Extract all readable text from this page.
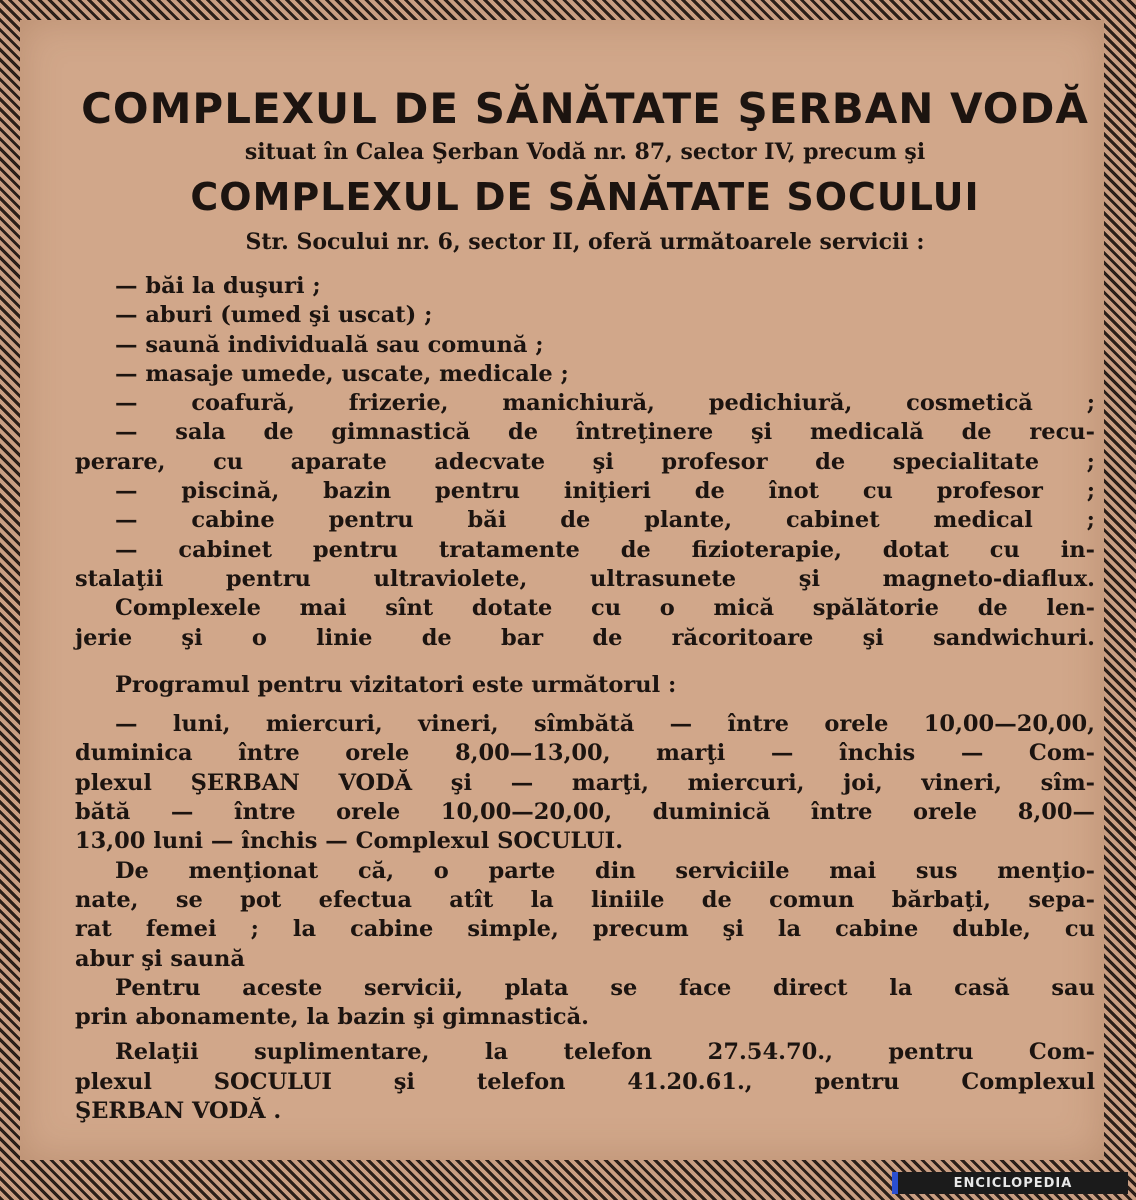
COMPLEXUL DE SĂNĂTATE ŞERBAN VODĂ

situat în Calea Şerban Vodă nr. 87, sector IV, precum şi

COMPLEXUL DE SĂNĂTATE SOCULUI

Str. Socului nr. 6, sector II, oferă următoarele servicii :

— băi la duşuri ;
— aburi (umed şi uscat) ;
— saună individuală sau comună ;
— masaje umede, uscate, medicale ;
— coafură, frizerie, manichiură, pedichiură, cosmetică ;
— sala de gimnastică de întreţinere şi medicală de recu-
perare, cu aparate adecvate şi profesor de specialitate ;
— piscină, bazin pentru iniţieri de înot cu profesor ;
— cabine pentru băi de plante, cabinet medical ;
— cabinet pentru tratamente de fizioterapie, dotat cu in-
stalaţii pentru ultraviolete, ultrasunete şi magneto-diaflux.
Complexele mai sînt dotate cu o mică spălătorie de len-
jerie şi o linie de bar de răcoritoare şi sandwichuri.
Programul pentru vizitatori este următorul :
— luni, miercuri, vineri, sîmbătă — între orele 10,00—20,00,
duminica între orele 8,00—13,00, marţi — închis — Com-
plexul ŞERBAN VODĂ şi — marţi, miercuri, joi, vineri, sîm-
bătă — între orele 10,00—20,00, duminică între orele 8,00—
13,00 luni — închis — Complexul SOCULUI.
De menţionat că, o parte din serviciile mai sus menţio-
nate, se pot efectua atît la liniile de comun bărbaţi, sepa-
rat femei ; la cabine simple, precum şi la cabine duble, cu
abur şi saună
Pentru aceste servicii, plata se face direct la casă sau
prin abonamente, la bazin şi gimnastică.
Relaţii suplimentare, la telefon 27.54.70., pentru Com-
plexul SOCULUI şi telefon 41.20.61., pentru Complexul
ŞERBAN VODĂ .
ENCICLOPEDIA
